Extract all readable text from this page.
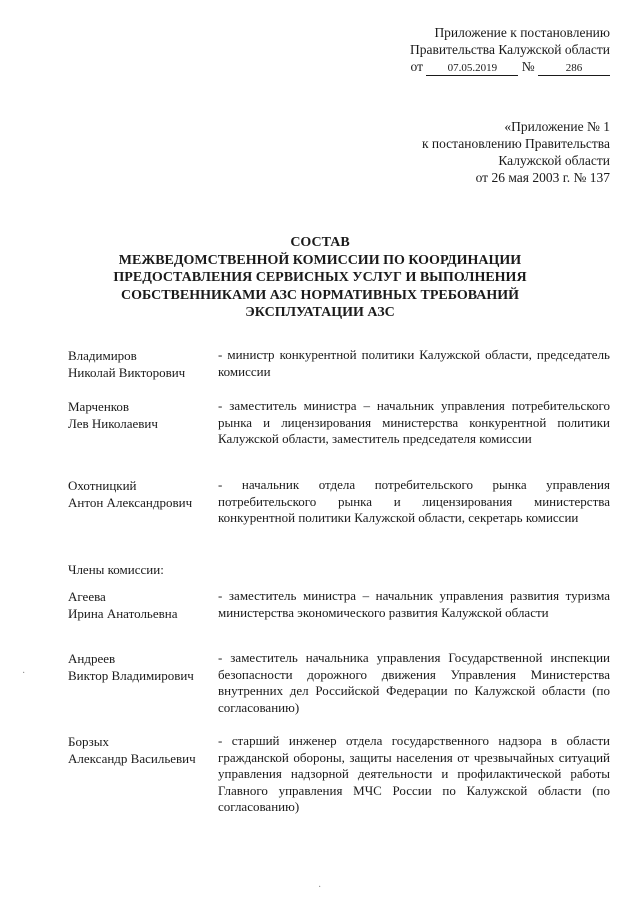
Приложение к постановлению
Правительства Калужской области
от 07.05.2019 №	286
«Приложение № 1
к постановлению Правительства
Калужской области
от 26 мая 2003 г. № 137
СОСТАВ
МЕЖВЕДОМСТВЕННОЙ КОМИССИИ ПО КООРДИНАЦИИ
ПРЕДОСТАВЛЕНИЯ СЕРВИСНЫХ УСЛУГ И ВЫПОЛНЕНИЯ
СОБСТВЕННИКАМИ АЗС НОРМАТИВНЫХ ТРЕБОВАНИЙ
ЭКСПЛУАТАЦИИ АЗС
Владимиров
Николай Викторович
- министр конкурентной политики Калужской области, председатель комиссии
Марченков
Лев Николаевич
- заместитель министра – начальник управления потребительского рынка и лицензирования министерства конкурентной политики Калужской области, заместитель председателя комиссии
Охотницкий
Антон Александрович
- начальник отдела потребительского рынка управления потребительского рынка и лицензирования министерства конкурентной политики Калужской области, секретарь комиссии
Члены комиссии:
Агеева
Ирина Анатольевна
- заместитель министра – начальник управления развития туризма министерства экономического развития Калужской области
Андреев
Виктор Владимирович
- заместитель начальника управления Государственной инспекции безопасности дорожного движения Управления Министерства внутренних дел Российской Федерации по Калужской области (по согласованию)
Борзых
Александр Васильевич
- старший инженер отдела государственного надзора в области гражданской обороны, защиты населения от чрезвычайных ситуаций управления надзорной деятельности и профилактической работы Главного управления МЧС России по Калужской области (по согласованию)
·
·
